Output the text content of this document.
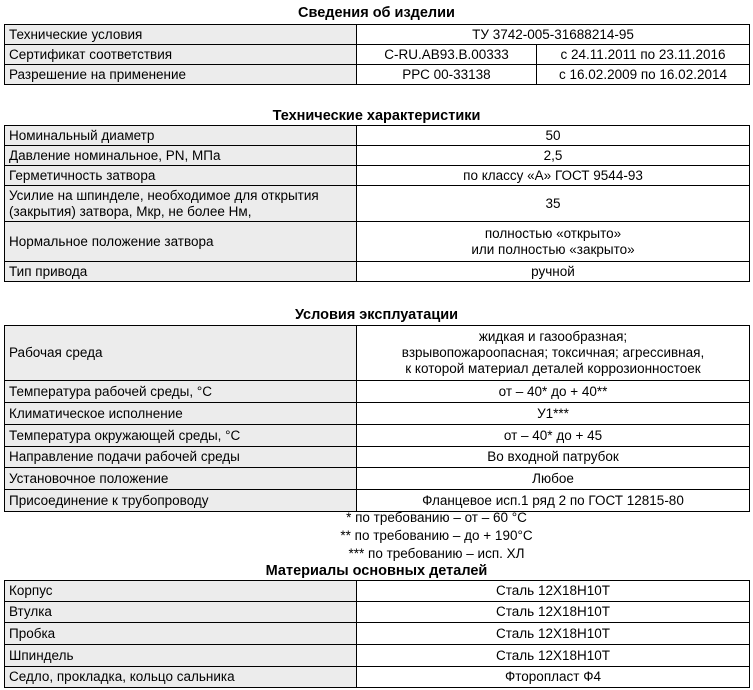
Сведения об изделии
Технические условия	ТУ 3742-005-31688214-95	
Сертификат соответствия	C-RU.AB93.B.00333	с 24.11.2011 по 23.11.2016
Разрешение на применение	РРС 00-33138	с 16.02.2009 по 16.02.2014
Технические характеристики
Номинальный диаметр	50
Давление номинальное, PN, МПа	2,5
Герметичность затвора	по классу «А» ГОСТ 9544-93
Усилие на шпинделе, необходимое для открытия
(закрытия) затвора, Мкр, не более Нм,	35
Нормальное положение затвора	полностью «открыто»
или полностью «закрыто»
Тип привода	ручной
Условия эксплуатации
Рабочая среда	жидкая и газообразная;
взрывопожароопасная; токсичная; агрессивная,
к которой материал деталей коррозионностоек
Температура рабочей среды, °С	от – 40* до + 40**
Климатическое исполнение	У1***
Температура окружающей среды, °С	от – 40* до + 45
Направление подачи рабочей среды	Во входной патрубок
Установочное положение	Любое
Присоединение к трубопроводу	Фланцевое исп.1 ряд 2 по ГОСТ 12815-80
* по требованию – от – 60 °С
** по требованию – до + 190°С
*** по требованию – исп. ХЛ
Материалы основных деталей
Корпус	Сталь 12Х18Н10Т
Втулка	Сталь 12Х18Н10Т
Пробка	Сталь 12Х18Н10Т
Шпиндель	Сталь 12Х18Н10Т
Седло, прокладка, кольцо сальника	Фторопласт Ф4
